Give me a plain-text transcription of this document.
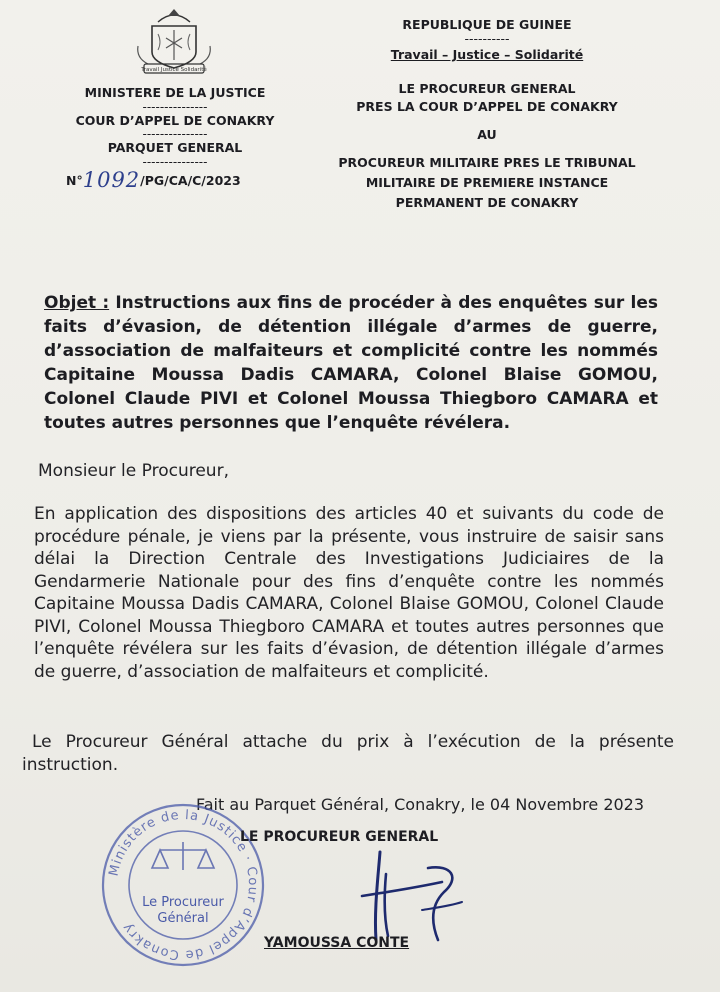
Travail Justice Solidarité
MINISTERE DE LA JUSTICE
---------------
COUR D’APPEL DE CONAKRY
---------------
PARQUET GENERAL
---------------
N°1092/PG/CA/C/2023
REPUBLIQUE DE GUINEE
----------
Travail – Justice – Solidarité
LE PROCUREUR GENERAL
PRES LA COUR D’APPEL DE CONAKRY
AU
PROCUREUR MILITAIRE PRES LE TRIBUNAL
MILITAIRE DE PREMIERE INSTANCE
PERMANENT DE CONAKRY
Objet : Instructions aux fins de procéder à des enquêtes sur les faits d’évasion, de détention illégale d’armes de guerre, d’association de malfaiteurs et complicité contre les nommés Capitaine Moussa Dadis CAMARA, Colonel Blaise GOMOU, Colonel Claude PIVI et Colonel Moussa Thiegboro CAMARA et toutes autres personnes que l’enquête révélera.
Monsieur le Procureur,
En application des dispositions des articles 40 et suivants du code de procédure pénale, je viens par la présente, vous instruire de saisir sans délai la Direction Centrale des Investigations Judiciaires de la Gendarmerie Nationale pour des fins d’enquête contre les nommés Capitaine Moussa Dadis CAMARA, Colonel Blaise GOMOU, Colonel Claude PIVI, Colonel Moussa Thiegboro CAMARA et toutes autres personnes que l’enquête révélera sur les faits d’évasion, de détention illégale d’armes de guerre, d’association de malfaiteurs et complicité.
Le Procureur Général attache du prix à l’exécution de la présente instruction.
Fait au Parquet Général, Conakry, le 04 Novembre 2023
Ministère de la Justice · Cour d’Appel de Conakry
Le Procureur
Général
LE PROCUREUR GENERAL
YAMOUSSA CONTE
